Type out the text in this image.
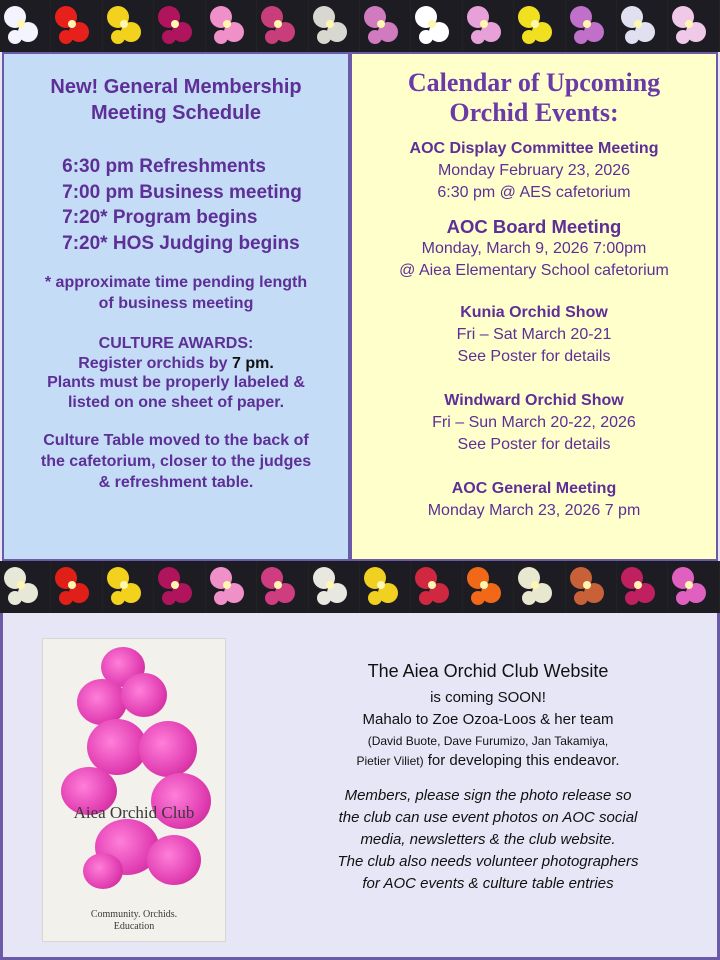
New! General Membership
Meeting Schedule
6:30 pm Refreshments
7:00 pm Business meeting
7:20* Program begins
7:20* HOS Judging begins
* approximate time pending length
of business meeting
CULTURE AWARDS:
Register orchids by 7 pm.
Plants must be properly labeled &
listed on one sheet of paper.
Culture Table moved to the back of
the cafetorium, closer to the judges
& refreshment table.
Calendar of Upcoming
Orchid Events:
AOC Display Committee Meeting
Monday February 23, 2026
6:30 pm @ AES cafetorium
AOC Board Meeting
Monday, March 9, 2026 7:00pm
@ Aiea Elementary School cafetorium
Kunia Orchid Show
Fri – Sat March 20-21
See Poster for details
Windward Orchid Show
Fri – Sun March 20-22, 2026
See Poster for details
AOC General Meeting
Monday March 23, 2026 7 pm
Aiea Orchid Club
Community. Orchids.
Education
The Aiea Orchid Club Website
is coming SOON!
Mahalo to Zoe Ozoa-Loos & her team
(David Buote, Dave Furumizo, Jan Takamiya,
Pietier Viliet) for developing this endeavor.
Members, please sign the photo release so
the club can use event photos on AOC social
media, newsletters & the club website.
The club also needs volunteer photographers
for AOC events & culture table entries
